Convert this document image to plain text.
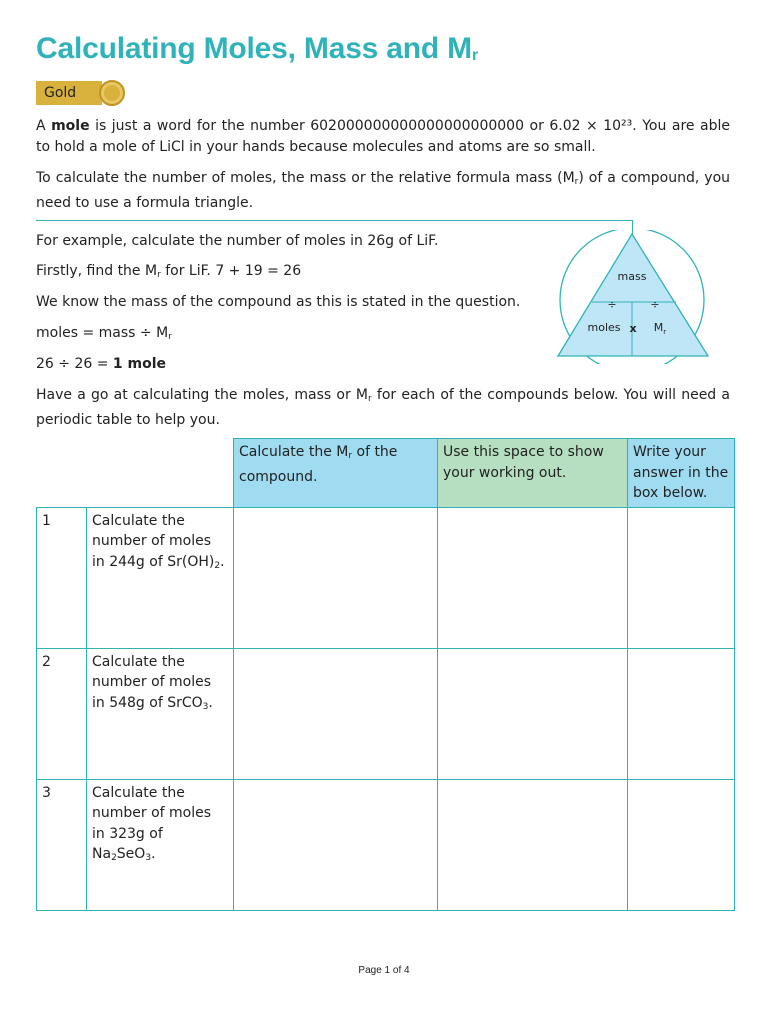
Calculating Moles, Mass and $M_r$
Gold

A mole is just a word for the number 602000000000000000000000 or 6.02 × 10²³. You are able to hold a mole of LiCl in your hands because molecules and atoms are so small.

To calculate the number of moles, the mass or the relative formula mass $(M_r)$ of a compound, you need to use a formula triangle.

For example, calculate the number of moles in 26g of LiF.
Firstly, find the $M_r$ for LiF. 7 + 19 = 26
We know the mass of the compound as this is stated in the question.
moles = mass ÷ $M_r$
26 ÷ 26 = 1 mole
mass
÷	÷
moles x $M_r$

Have a go at calculating the moles, mass or $M_r$ for each of the compounds below. You will need a periodic table to help you.

		Calculate the $M_r$ of the compound.	Use this space to show your working out.	Write your answer in the box below.
1	Calculate the number of moles in 244g of $Sr(OH)_2$.			
2	Calculate the number of moles in 548g of SrCO$_3$.			
3	Calculate the number of moles in 323g of $Na_2SeO_3$.			
Page 1 of 4
